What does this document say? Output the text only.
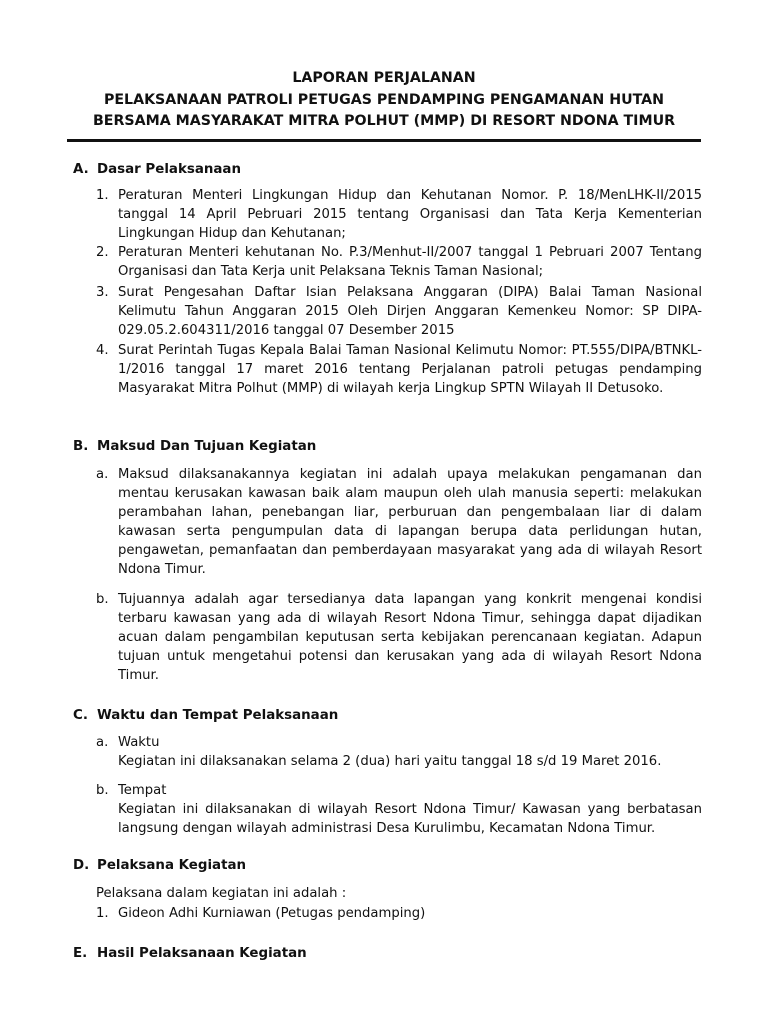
LAPORAN PERJALANAN
PELAKSANAAN PATROLI PETUGAS PENDAMPING PENGAMANAN HUTAN
BERSAMA MASYARAKAT MITRA POLHUT (MMP) DI RESORT NDONA TIMUR
A. Dasar Pelaksanaan
1. Peraturan Menteri Lingkungan Hidup dan Kehutanan Nomor. P. 18/MenLHK-II/2015 tanggal 14 April Pebruari 2015 tentang Organisasi dan Tata Kerja Kementerian Lingkungan Hidup dan Kehutanan;
2. Peraturan Menteri kehutanan No. P.3/Menhut-II/2007 tanggal 1 Pebruari 2007 Tentang Organisasi dan Tata Kerja unit Pelaksana Teknis Taman Nasional;
3. Surat Pengesahan Daftar Isian Pelaksana Anggaran (DIPA) Balai Taman Nasional Kelimutu Tahun Anggaran 2015 Oleh Dirjen Anggaran Kemenkeu Nomor: SP DIPA-029.05.2.604311/2016 tanggal 07 Desember 2015
4. Surat Perintah Tugas Kepala Balai Taman Nasional Kelimutu Nomor: PT.555/DIPA/BTNKL-1/2016 tanggal 17 maret 2016 tentang Perjalanan patroli petugas pendamping Masyarakat Mitra Polhut (MMP) di wilayah kerja Lingkup SPTN Wilayah II Detusoko.
B. Maksud Dan Tujuan Kegiatan
a. Maksud dilaksanakannya kegiatan ini adalah upaya melakukan pengamanan dan mentau kerusakan kawasan baik alam maupun oleh ulah manusia seperti: melakukan perambahan lahan, penebangan liar, perburuan dan pengembalaan liar di dalam kawasan serta pengumpulan data di lapangan berupa data perlidungan hutan, pengawetan, pemanfaatan dan pemberdayaan masyarakat yang ada di wilayah Resort Ndona Timur.
b. Tujuannya adalah agar tersedianya data lapangan yang konkrit mengenai kondisi terbaru kawasan yang ada di wilayah Resort Ndona Timur, sehingga dapat dijadikan acuan dalam pengambilan keputusan serta kebijakan perencanaan kegiatan. Adapun tujuan untuk mengetahui potensi dan kerusakan yang ada di wilayah Resort Ndona Timur.
C. Waktu dan Tempat Pelaksanaan
a. Waktu
Kegiatan ini dilaksanakan selama 2 (dua) hari yaitu tanggal 18 s/d 19 Maret 2016.
b. Tempat
Kegiatan ini dilaksanakan di wilayah Resort Ndona Timur/ Kawasan yang berbatasan langsung dengan wilayah administrasi Desa Kurulimbu, Kecamatan Ndona Timur.
D. Pelaksana Kegiatan
Pelaksana dalam kegiatan ini adalah :
1. Gideon Adhi Kurniawan (Petugas pendamping)
E. Hasil Pelaksanaan Kegiatan
